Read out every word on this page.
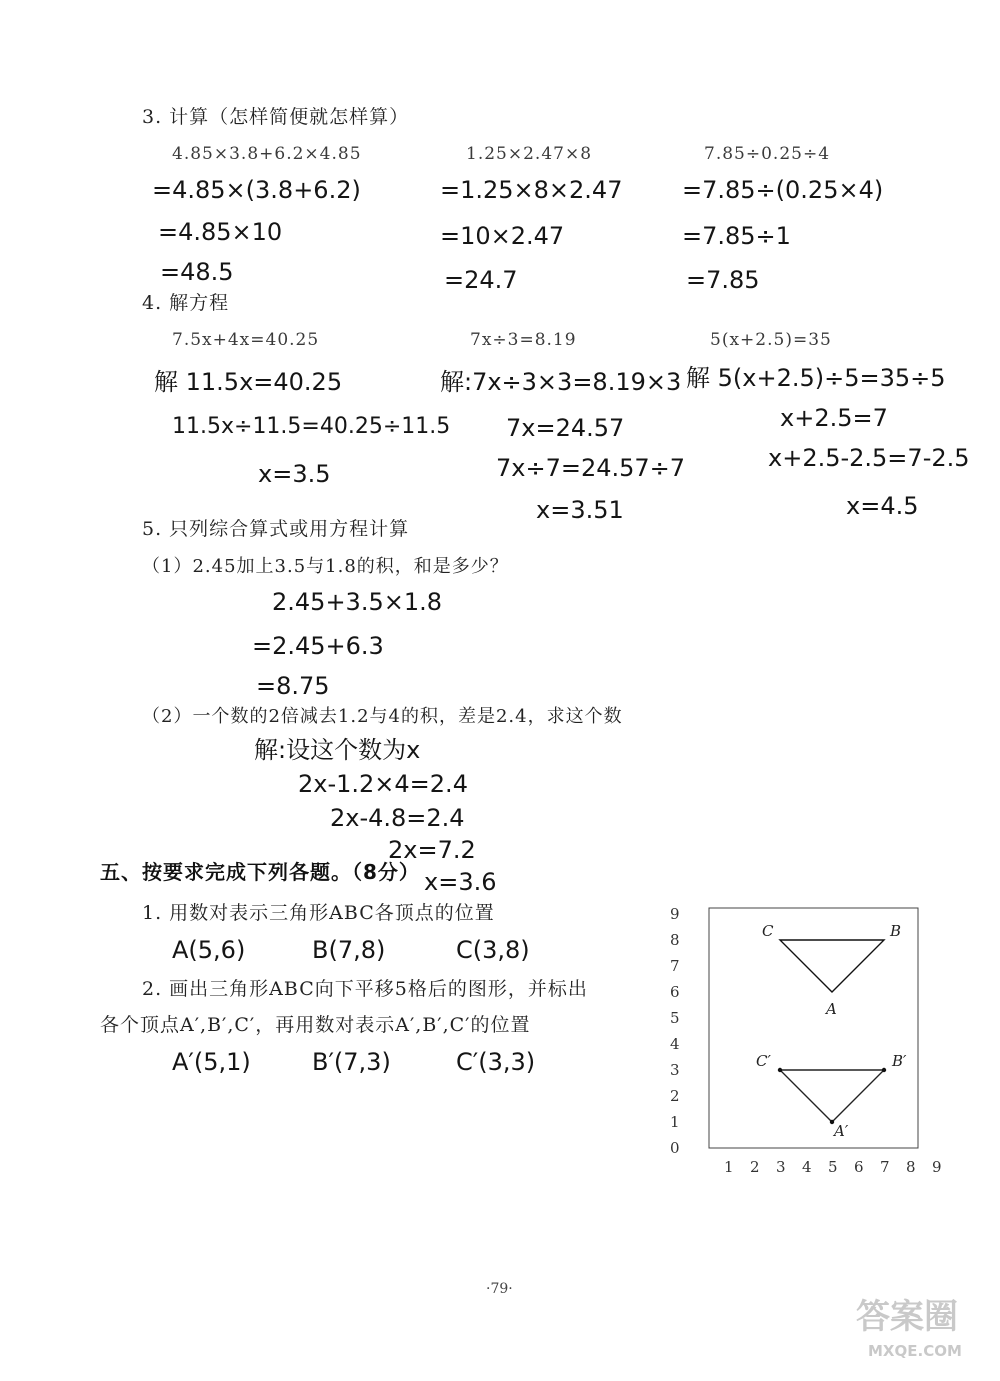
3. 计算（怎样简便就怎样算）
4.85×3.8+6.2×4.85
=4.85×(3.8+6.2)
=4.85×10
=48.5
1.25×2.47×8
=1.25×8×2.47
=10×2.47
=24.7
7.85÷0.25÷4
=7.85÷(0.25×4)
=7.85÷1
=7.85
4. 解方程
7.5x+4x=40.25
解 11.5x=40.25
11.5x÷11.5=40.25÷11.5
x=3.5
7x÷3=8.19
解:7x÷3×3=8.19×3
7x=24.57
7x÷7=24.57÷7
x=3.51
5(x+2.5)=35
解 5(x+2.5)÷5=35÷5
x+2.5=7
x+2.5-2.5=7-2.5
x=4.5
5. 只列综合算式或用方程计算
（1）2.45加上3.5与1.8的积，和是多少？
2.45+3.5×1.8
=2.45+6.3
=8.75
（2）一个数的2倍减去1.2与4的积，差是2.4，求这个数
解:设这个数为x
2x-1.2×4=2.4
2x-4.8=2.4
2x=7.2
x=3.6
五、按要求完成下列各题。（8分）
1. 用数对表示三角形ABC各顶点的位置
A(5,6)	B(7,8)	C(3,8)
2. 画出三角形ABC向下平移5格后的图形，并标出
各个顶点A′,B′,C′，再用数对表示A′,B′,C′的位置
A′(5,1)	B′(7,3)	C′(3,3)
9
8
7
6
5
4
3
2
1
0
1 2 3 4 5 6 7 8 9
A
B
C
A′
B′
C′
·79·
答案圈
MXQE.COM
